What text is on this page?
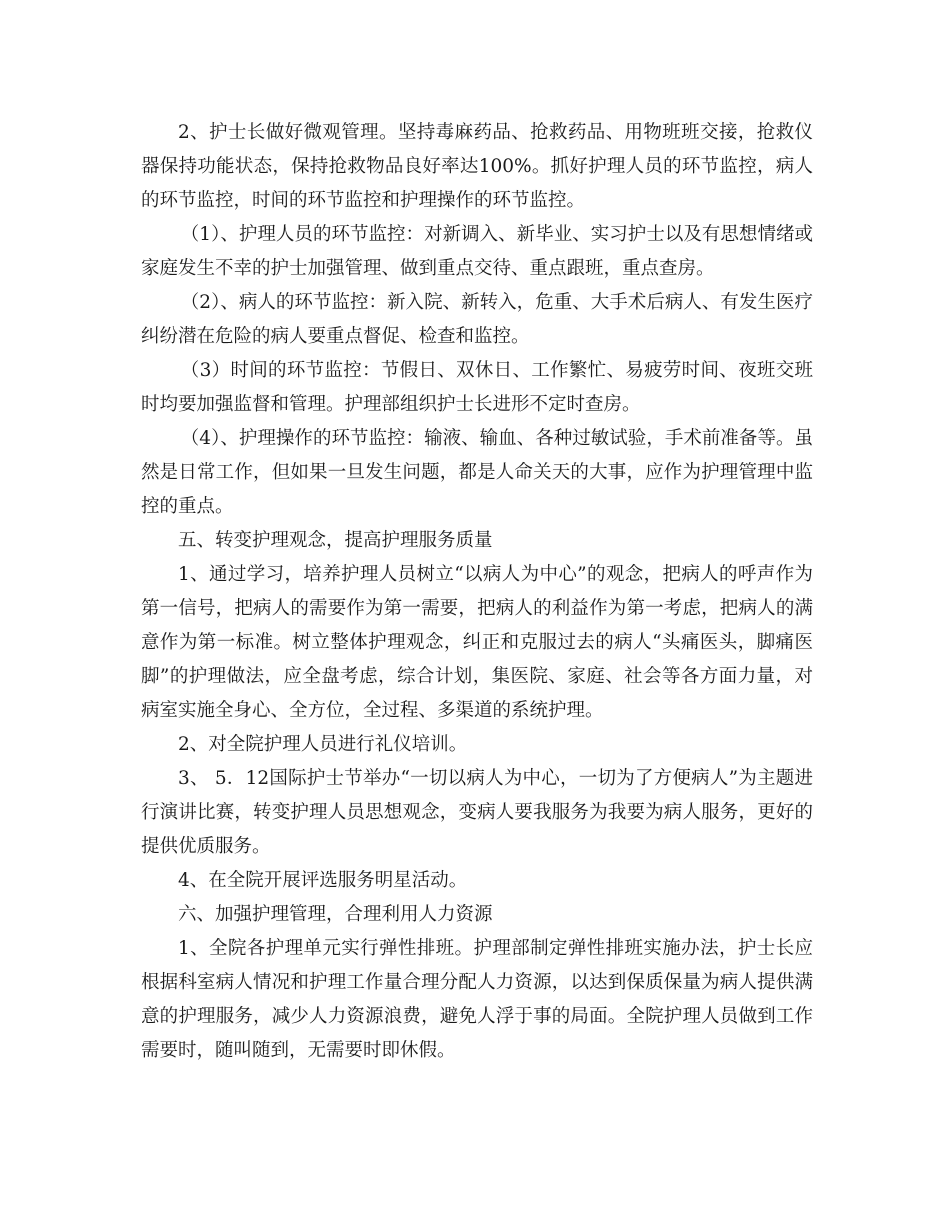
2、护士长做好微观管理。坚持毒麻药品、抢救药品、用物班班交接，抢救仪器保持功能状态，保持抢救物品良好率达100%。抓好护理人员的环节监控，病人的环节监控，时间的环节监控和护理操作的环节监控。

（1）、护理人员的环节监控：对新调入、新毕业、实习护士以及有思想情绪或家庭发生不幸的护士加强管理、做到重点交待、重点跟班，重点查房。

（2）、病人的环节监控：新入院、新转入，危重、大手术后病人、有发生医疗纠纷潜在危险的病人要重点督促、检查和监控。

（3）时间的环节监控：节假日、双休日、工作繁忙、易疲劳时间、夜班交班时均要加强监督和管理。护理部组织护士长进形不定时查房。

（4）、护理操作的环节监控：输液、输血、各种过敏试验，手术前准备等。虽然是日常工作，但如果一旦发生问题，都是人命关天的大事，应作为护理管理中监控的重点。

五、转变护理观念，提高护理服务质量

1、通过学习，培养护理人员树立“以病人为中心”的观念，把病人的呼声作为第一信号，把病人的需要作为第一需要，把病人的利益作为第一考虑，把病人的满意作为第一标准。树立整体护理观念，纠正和克服过去的病人“头痛医头，脚痛医脚”的护理做法，应全盘考虑，综合计划，集医院、家庭、社会等各方面力量，对病室实施全身心、全方位，全过程、多渠道的系统护理。

2、对全院护理人员进行礼仪培训。

3、 5．12国际护士节举办“一切以病人为中心，一切为了方便病人”为主题进行演讲比赛，转变护理人员思想观念，变病人要我服务为我要为病人服务，更好的提供优质服务。

4、在全院开展评选服务明星活动。

六、加强护理管理，合理利用人力资源

1、全院各护理单元实行弹性排班。护理部制定弹性排班实施办法，护士长应根据科室病人情况和护理工作量合理分配人力资源，以达到保质保量为病人提供满意的护理服务，减少人力资源浪费，避免人浮于事的局面。全院护理人员做到工作需要时，随叫随到，无需要时即休假。
